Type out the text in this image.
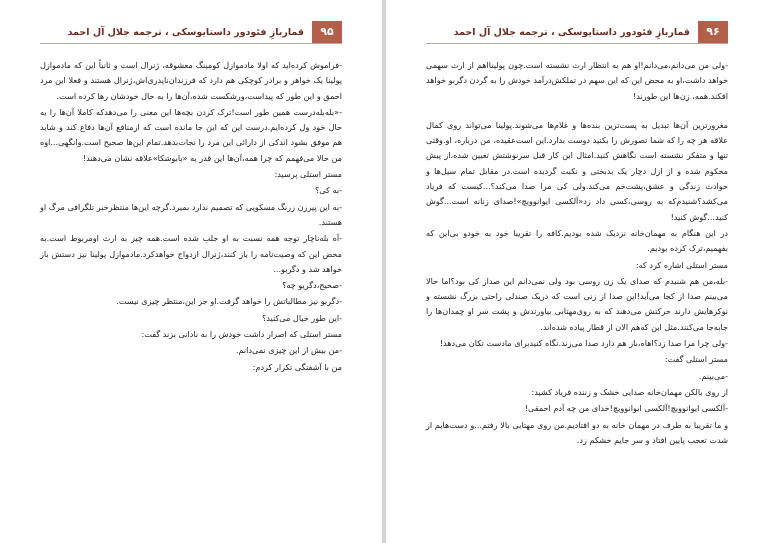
قماربازِ فئودور داستایوسکی ، ترجمه جلال آل احمد	۹۵

-فراموش کرده‌اید که اولا مادموازل کومینگ معشوقه، ژنرال است و ثانیاً این که مادموازل پولینا یک خواهر و برادر کوچکی هم دارد که فرزندان‌ناپدری‌اش،ژنرال هستند و فعلا این مرد احمق و این طور که پیداست،ورشکست شده،آن‌ها را به حال خودشان رها کرده است.

-«بله‌بله‌درست همین طور است!ترک کردن بچه‌ها این معنی را می‌دهدکه کاملا آن‌ها را به حال خود ول کرده‌ایم.درست این که این جا مانده است که ازمنافع آن‌ها دفاع کند و شاید هم موفق بشود اندکی از دارائی این مرد را نجات‌بدهد.تمام این‌ها صحیح است.وانگهی...اوه من حالا می‌فهمم که چرا همه،آن‌ها این قدر به «بابوشکا»علاقه نشان می‌دهند!

مستر استلی پرسید:

-به کی؟

-به این پیرزن زرنگ مسکویی که تصمیم ندارد بمیرد.گرچه این‌ها منتظرخبر تلگرافی مرگ او هستند.

-آه بله‌ناچار توجه همه نسبت به او جلب شده است.همه چیز به ارث اومربوط است.به محض این که وصیت‌نامه را باز کنند،ژنرال ازدواج خواهدکرد.مادموازل پولینا نیز دستش باز خواهد شد و دگربو...

-صحیح،دگربو چه؟

-دگربو نیز مطالباتش را خواهد گرفت.او جز این،منتظر چیزی نیست.

-این طور خیال می‌کنید؟

مستر استلی که اصرار داشت خودش را به نادانی بزند گفت:

-من بیش از این چیزی نمی‌دانم.

من با آشفتگی تکرار کردم:

قماربازِ فئودور داستایوسکی ، ترجمه جلال آل احمد	۹۶

-ولی من می‌دانم،می‌دانم!او هم به انتظار ارث نشسته است.چون پولینااهم از ارث سهمی خواهد داشت،او به محض این که این سهم در تملکش‌درآمد خودش را به گردن دگربو خواهد افکند.همه، زن‌ها این طورند!

مغرورترین آن‌ها تبدیل به پست‌ترین بنده‌ها و غلام‌ها می‌شوند.پولینا می‌تواند روی کمال علاقه هر چه را که شما تصورش را بکنید دوست بدارد.این است‌عقیده، من درباره، او.وقتی تنها و متفکر نشسته است نگاهش کنید.امثال این کار قبل سرنوشتش تعیین شده،از پیش محکوم شده و از ازل دچار یک بدبختی و نکبت گردیده است.در مقابل تمام سیل‌ها و حوادث زندگی و عشق،پشت‌خم می‌کند.ولی کی مرا صدا می‌کند؟...کیست که فریاد می‌کشد؟شنیدم‌که به روسی،کسی داد زد«آلکسی ایوانوویچ»!صدای زنانه است...گوش کنید...گوش کنید!

در این هنگام به مهمان‌خانه نزدیک شده بودیم.کافه را تقریبا خود به خودو بی‌این که بفهمیم،ترک کرده بودیم.

مستر استلی اشاره کرد که:

-بله،من هم شنیدم که صدای یک زن روسی بود ولی نمی‌دانم این صداز کی بود؟اما حالا می‌بینم صدا از کجا می‌آید!این صدا از زنی است که دریک صندلی راحتی بزرگ نشسته و نوکرهایش دارند حرکتش می‌دهند که به روی‌مهتابی بیاورندش و پشت سر او چمدان‌ها را جابه‌جا می‌کنند.مثل این که‌هم الان از قطار پیاده شده‌اند.

-ولی چرا مرا صدا زد؟‌اهاه،باز هم دارد صدا می‌زند.نگاه کنید‌برای ماد‌ست تکان می‌دهد!

مستر استلی گفت:

-می‌بینم.

از روی بالکن مهمان‌خانه صدایی خشک و زننده فریاد کشید:

-آلکسی ایوانوویچ!آلکسی ایوانوویچ!خدای من چه آدم احمقی!

و ما تقریبا به طرف در مهمان خانه به دو افتادیم.من روی مهتابی بالا رفتم...و دست‌هایم از شدت تعجب پایین افتاد و سر جایم خشکم زد.
